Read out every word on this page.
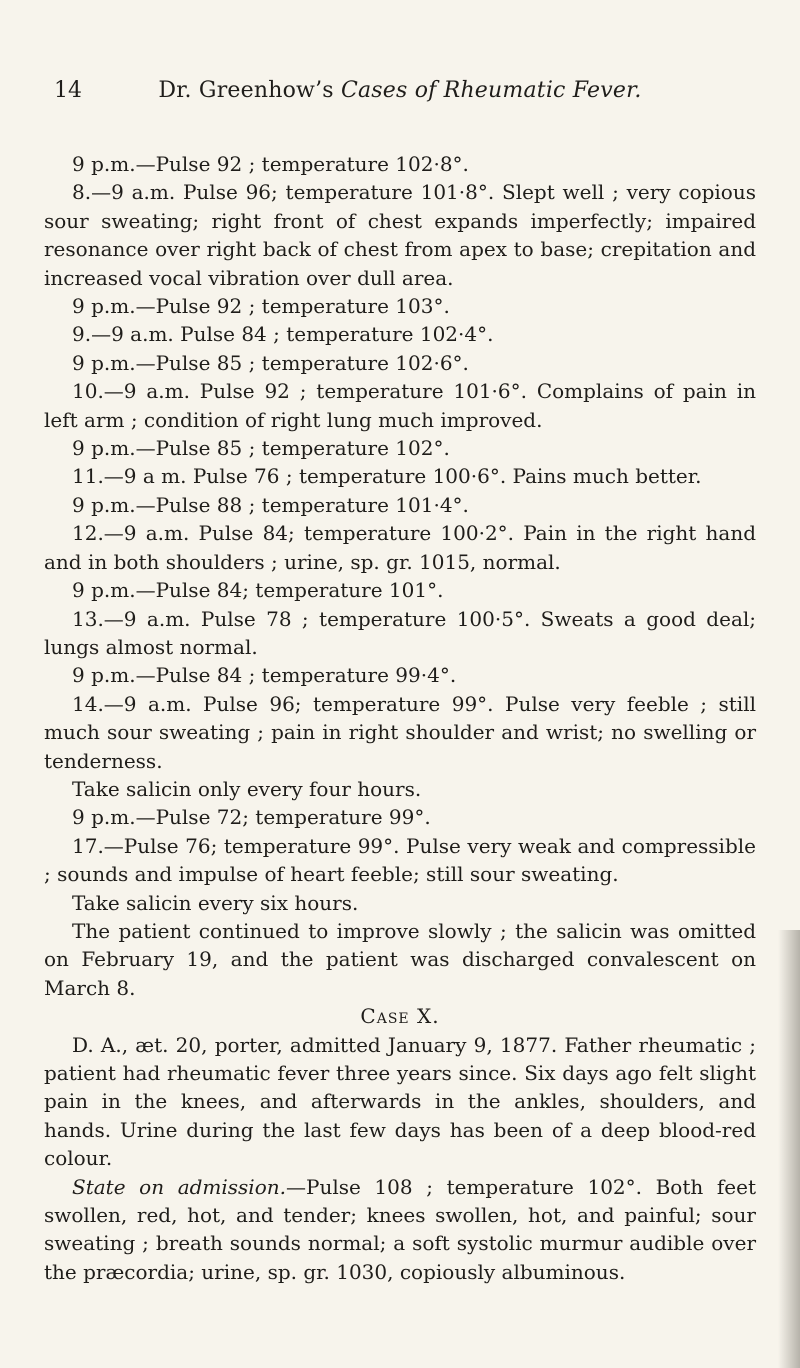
14	Dr. Greenhow’s Cases of Rheumatic Fever.

9 p.m.—Pulse 92 ; temperature 102·8°.

8.—9 a.m. Pulse 96; temperature 101·8°. Slept well ; very copious sour sweating; right front of chest expands imperfectly; impaired resonance over right back of chest from apex to base; crepitation and increased vocal vibration over dull area.

9 p.m.—Pulse 92 ; temperature 103°.

9.—9 a.m. Pulse 84 ; temperature 102·4°.

9 p.m.—Pulse 85 ; temperature 102·6°.

10.—9 a.m. Pulse 92 ; temperature 101·6°. Complains of pain in left arm ; condition of right lung much improved.

9 p.m.—Pulse 85 ; temperature 102°.

11.—9 a m. Pulse 76 ; temperature 100·6°. Pains much better.

9 p.m.—Pulse 88 ; temperature 101·4°.

12.—9 a.m. Pulse 84; temperature 100·2°. Pain in the right hand and in both shoulders ; urine, sp. gr. 1015, normal.

9 p.m.—Pulse 84; temperature 101°.

13.—9 a.m. Pulse 78 ; temperature 100·5°. Sweats a good deal; lungs almost normal.

9 p.m.—Pulse 84 ; temperature 99·4°.

14.—9 a.m. Pulse 96; temperature 99°. Pulse very feeble ; still much sour sweating ; pain in right shoulder and wrist; no swelling or tenderness.

Take salicin only every four hours.

9 p.m.—Pulse 72; temperature 99°.

17.—Pulse 76; temperature 99°. Pulse very weak and compressible ; sounds and impulse of heart feeble; still sour sweating.

Take salicin every six hours.

The patient continued to improve slowly ; the salicin was omitted on February 19, and the patient was discharged convalescent on March 8.

Case X.

D. A., æt. 20, porter, admitted January 9, 1877. Father rheumatic ; patient had rheumatic fever three years since. Six days ago felt slight pain in the knees, and afterwards in the ankles, shoulders, and hands. Urine during the last few days has been of a deep blood-red colour.

State on admission.—Pulse 108 ; temperature 102°. Both feet swollen, red, hot, and tender; knees swollen, hot, and painful; sour sweating ; breath sounds normal; a soft systolic murmur audible over the præcordia; urine, sp. gr. 1030, copiously albuminous.
